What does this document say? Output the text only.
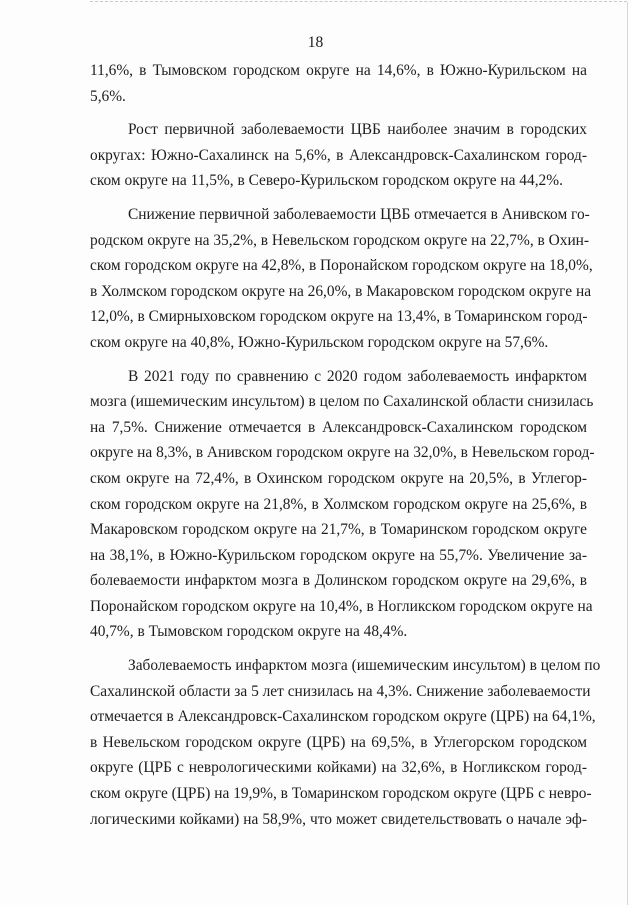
18
11,6%, в Тымовском городском округе на 14,6%, в Южно-Курильском на
5,6%.
Рост первичной заболеваемости ЦВБ наиболее значим в городских
округах: Южно-Сахалинск на 5,6%, в Александровск-Сахалинском город-
ском округе на 11,5%, в Северо-Курильском городском округе на 44,2%.
Снижение первичной заболеваемости ЦВБ отмечается в Анивском го-
родском округе на 35,2%, в Невельском городском округе на 22,7%, в Охин-
ском городском округе на 42,8%, в Поронайском городском округе на 18,0%,
в Холмском городском округе на 26,0%, в Макаровском городском округе на
12,0%, в Смирныховском городском округе на 13,4%, в Томаринском город-
ском округе на 40,8%, Южно-Курильском городском округе на 57,6%.
В 2021 году по сравнению с 2020 годом заболеваемость инфарктом
мозга (ишемическим инсультом) в целом по Сахалинской области снизилась
на 7,5%. Снижение отмечается в Александровск-Сахалинском городском
округе на 8,3%, в Анивском городском округе на 32,0%, в Невельском город-
ском округе на 72,4%, в Охинском городском округе на 20,5%, в Углегор-
ском городском округе на 21,8%, в Холмском городском округе на 25,6%, в
Макаровском городском округе на 21,7%, в Томаринском городском округе
на 38,1%, в Южно-Курильском городском округе на 55,7%. Увеличение за-
болеваемости инфарктом мозга в Долинском городском округе на 29,6%, в
Поронайском городском округе на 10,4%, в Ногликском городском округе на
40,7%, в Тымовском городском округе на 48,4%.
Заболеваемость инфарктом мозга (ишемическим инсультом) в целом по
Сахалинской области за 5 лет снизилась на 4,3%. Снижение заболеваемости
отмечается в Александровск-Сахалинском городском округе (ЦРБ) на 64,1%,
в Невельском городском округе (ЦРБ) на 69,5%, в Углегорском городском
округе (ЦРБ с неврологическими койками) на 32,6%, в Ногликском город-
ском округе (ЦРБ) на 19,9%, в Томаринском городском округе (ЦРБ с невро-
логическими койками) на 58,9%, что может свидетельствовать о начале эф-
